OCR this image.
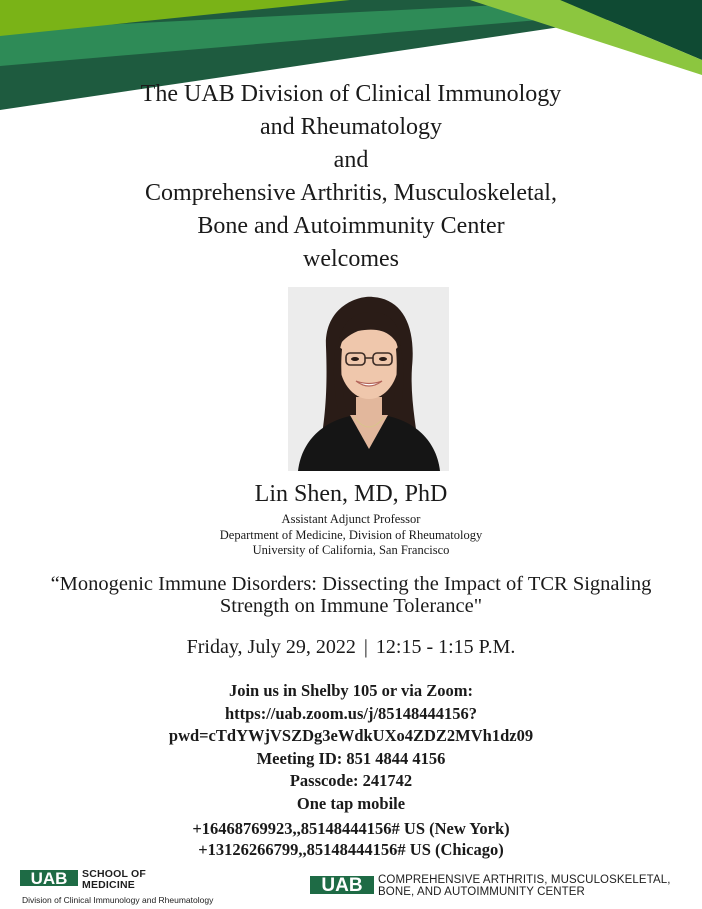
The UAB Division of Clinical Immunology
and Rheumatology
and
Comprehensive Arthritis, Musculoskeletal,
Bone and Autoimmunity Center
welcomes
Lin Shen, MD, PhD
Assistant Adjunct Professor
Department of Medicine, Division of Rheumatology
University of California, San Francisco
“Monogenic Immune Disorders: Dissecting the Impact of TCR Signaling
Strength on Immune Tolerance"
Friday, July 29, 2022 | 12:15 - 1:15 P.M.
Join us in Shelby 105 or via Zoom:
https://uab.zoom.us/j/85148444156?
pwd=cTdYWjVSZDg3eWdkUXo4ZDZ2MVh1dz09
Meeting ID: 851 4844 4156
Passcode: 241742
One tap mobile
+16468769923,,85148444156# US (New York)
+13126266799,,85148444156# US (Chicago)
UAB SCHOOL OF
MEDICINE
Division of Clinical Immunology and Rheumatology
UAB COMPREHENSIVE ARTHRITIS, MUSCULOSKELETAL,
BONE, AND AUTOIMMUNITY CENTER
